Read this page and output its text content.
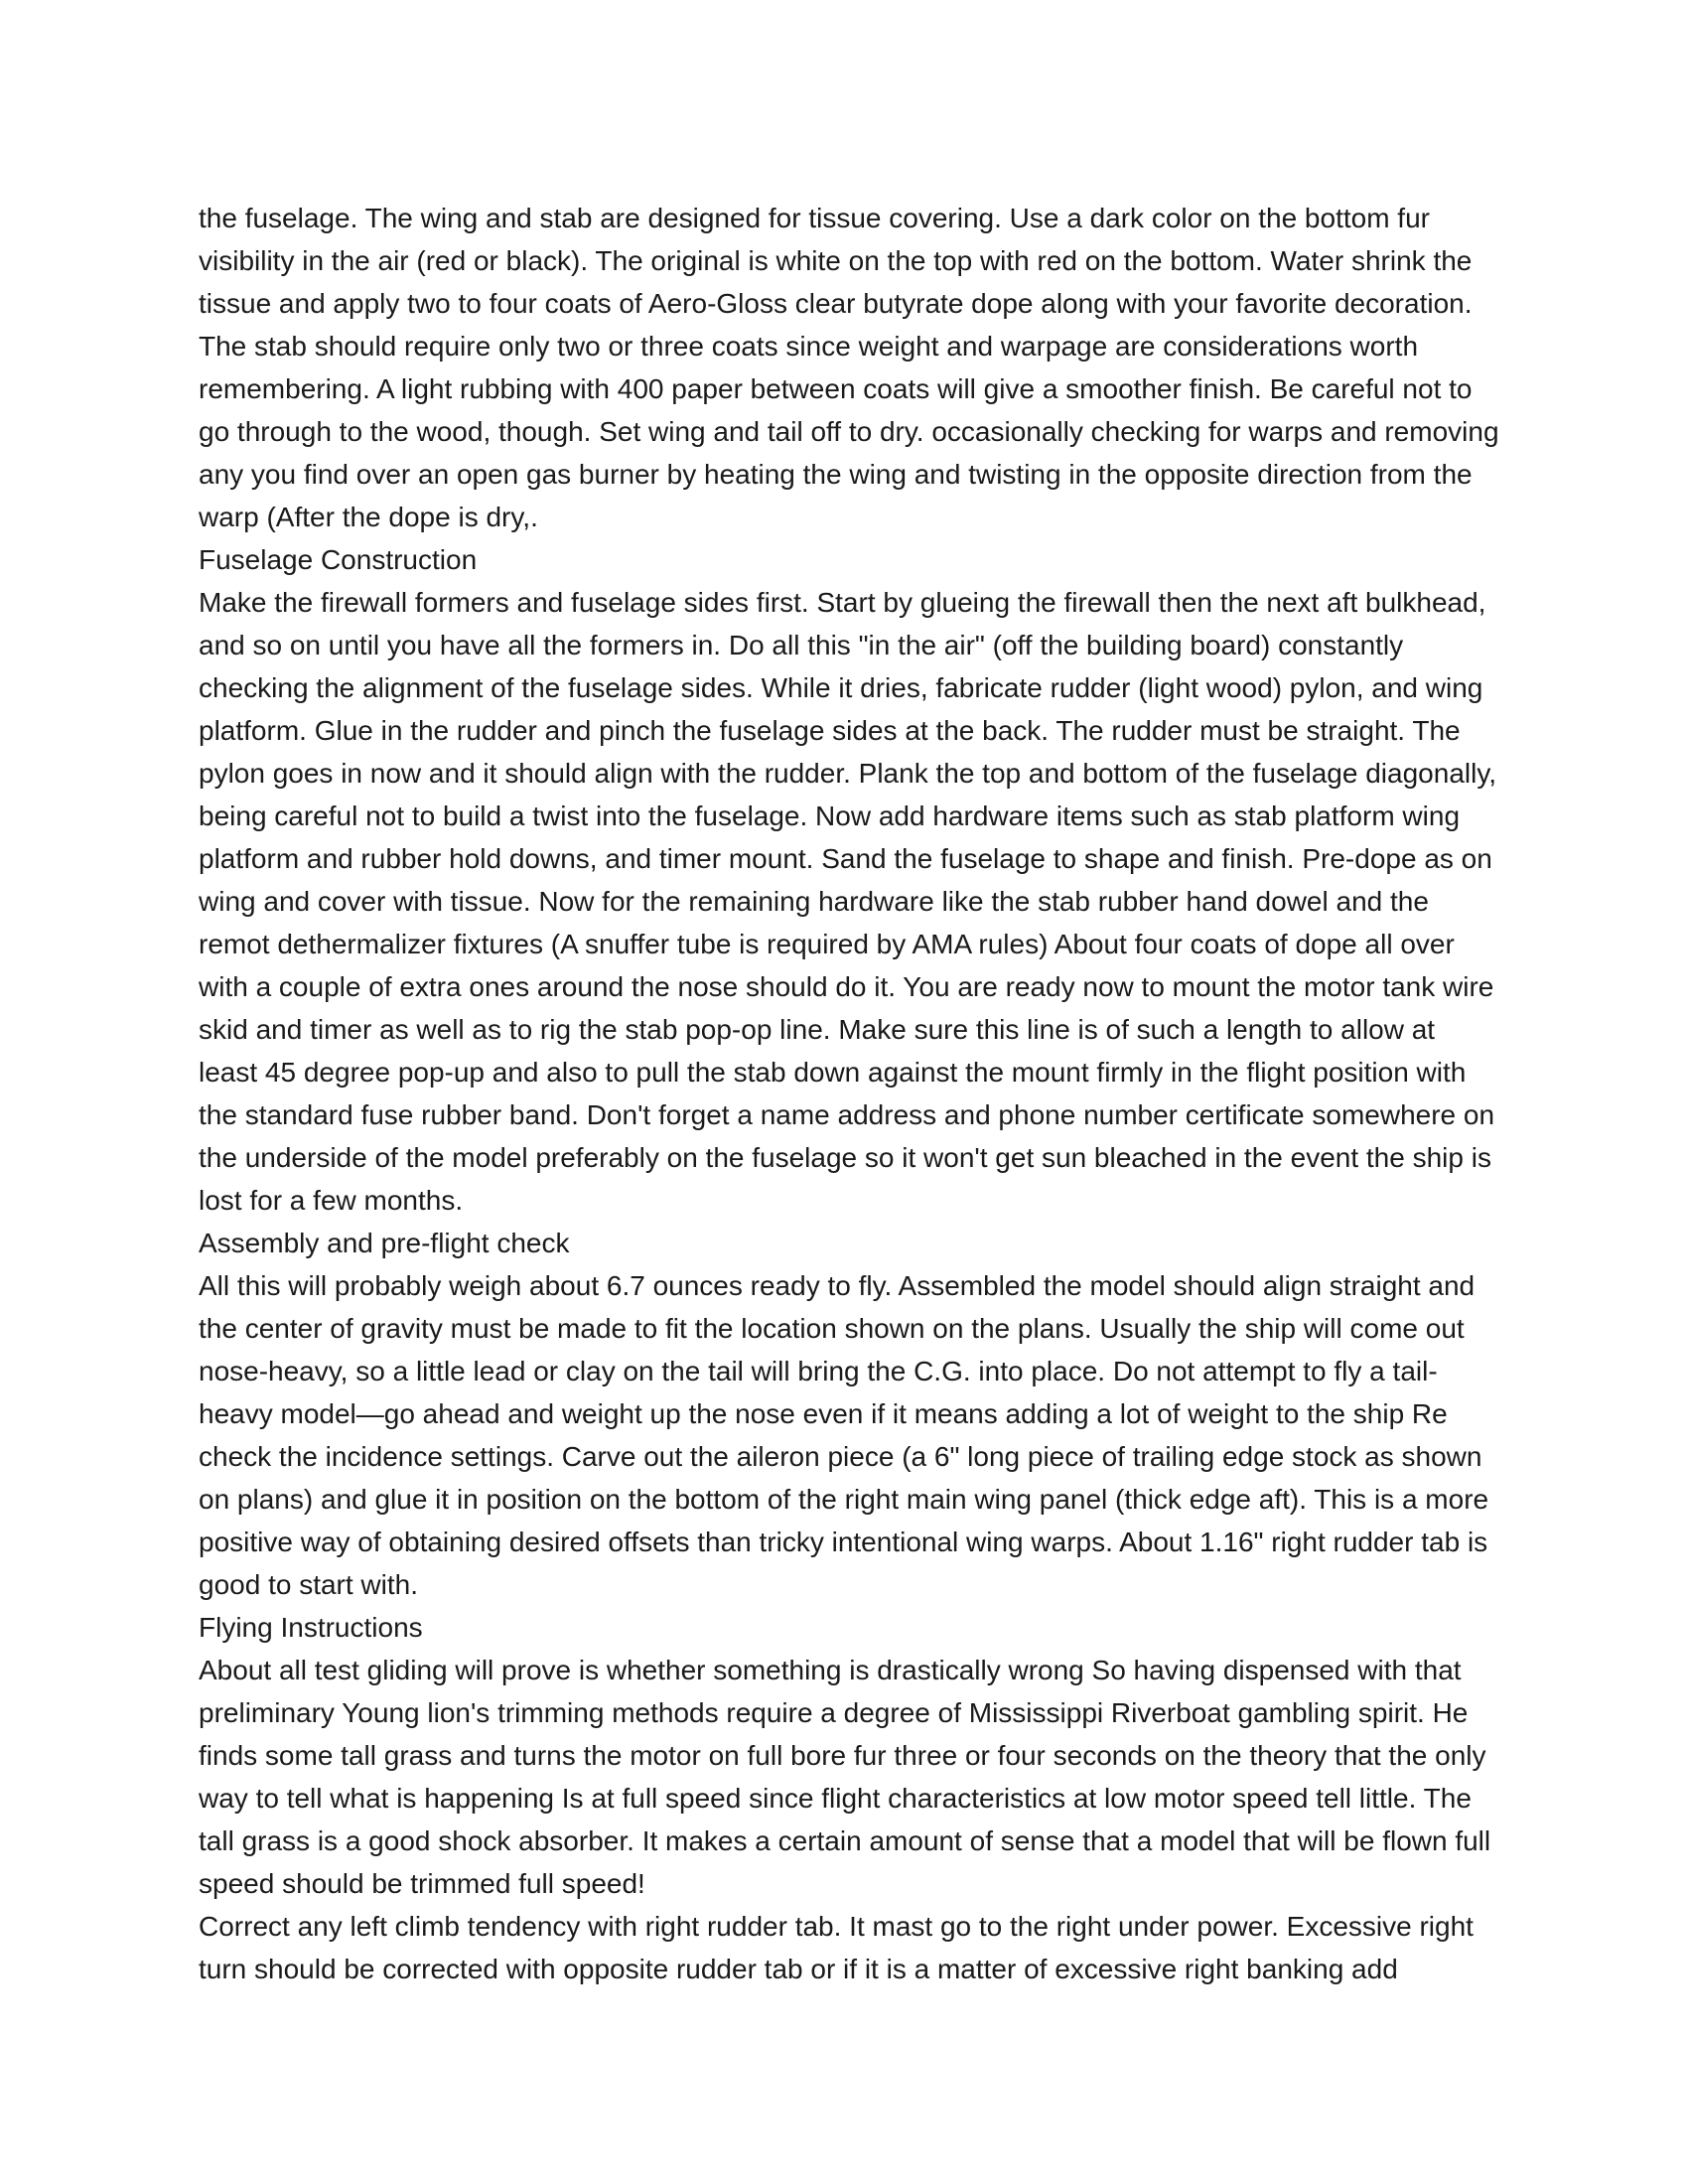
the fuselage. The wing and stab are designed for tissue covering. Use a dark color on the bottom fur visibility in the air (red or black). The original is white on the top with red on the bottom. Water shrink the tissue and apply two to four coats of Aero-Gloss clear butyrate dope along with your favorite decoration. The stab should require only two or three coats since weight and warpage are considerations worth remembering. A light rubbing with 400 paper between coats will give a smoother finish. Be careful not to go through to the wood, though. Set wing and tail off to dry. occasionally checking for warps and removing any you find over an open gas burner by heating the wing and twisting in the opposite direction from the warp (After the dope is dry,.

Fuselage Construction

Make the firewall formers and fuselage sides first. Start by glueing the firewall then the next aft bulkhead, and so on until you have all the formers in. Do all this "in the air" (off the building board) constantly checking the alignment of the fuselage sides. While it dries, fabricate rudder (light wood) pylon, and wing platform. Glue in the rudder and pinch the fuselage sides at the back. The rudder must be straight. The pylon goes in now and it should align with the rudder. Plank the top and bottom of the fuselage diagonally, being careful not to build a twist into the fuselage. Now add hardware items such as stab platform wing platform and rubber hold downs, and timer mount. Sand the fuselage to shape and finish. Pre-dope as on wing and cover with tissue. Now for the remaining hardware like the stab rubber hand dowel and the remot dethermalizer fixtures (A snuffer tube is required by AMA rules) About four coats of dope all over with a couple of extra ones around the nose should do it. You are ready now to mount the motor tank wire skid and timer as well as to rig the stab pop-op line. Make sure this line is of such a length to allow at least 45 degree pop-up and also to pull the stab down against the mount firmly in the flight position with the standard fuse rubber band. Don't forget a name address and phone number certificate somewhere on the underside of the model preferably on the fuselage so it won't get sun bleached in the event the ship is lost for a few months.

Assembly and pre-flight check

All this will probably weigh about 6.7 ounces ready to fly. Assembled the model should align straight and the center of gravity must be made to fit the location shown on the plans. Usually the ship will come out nose-heavy, so a little lead or clay on the tail will bring the C.G. into place. Do not attempt to fly a tail-heavy model—go ahead and weight up the nose even if it means adding a lot of weight to the ship Re check the incidence settings. Carve out the aileron piece (a 6" long piece of trailing edge stock as shown on plans) and glue it in position on the bottom of the right main wing panel (thick edge aft). This is a more positive way of obtaining desired offsets than tricky intentional wing warps. About 1.16" right rudder tab is good to start with.

Flying Instructions

About all test gliding will prove is whether something is drastically wrong So having dispensed with that preliminary Young lion's trimming methods require a degree of Mississippi Riverboat gambling spirit. He finds some tall grass and turns the motor on full bore fur three or four seconds on the theory that the only way to tell what is happening Is at full speed since flight characteristics at low motor speed tell little. The tall grass is a good shock absorber. It makes a certain amount of sense that a model that will be flown full speed should be trimmed full speed!

Correct any left climb tendency with right rudder tab. It mast go to the right under power. Excessive right turn should be corrected with opposite rudder tab or if it is a matter of excessive right banking add
